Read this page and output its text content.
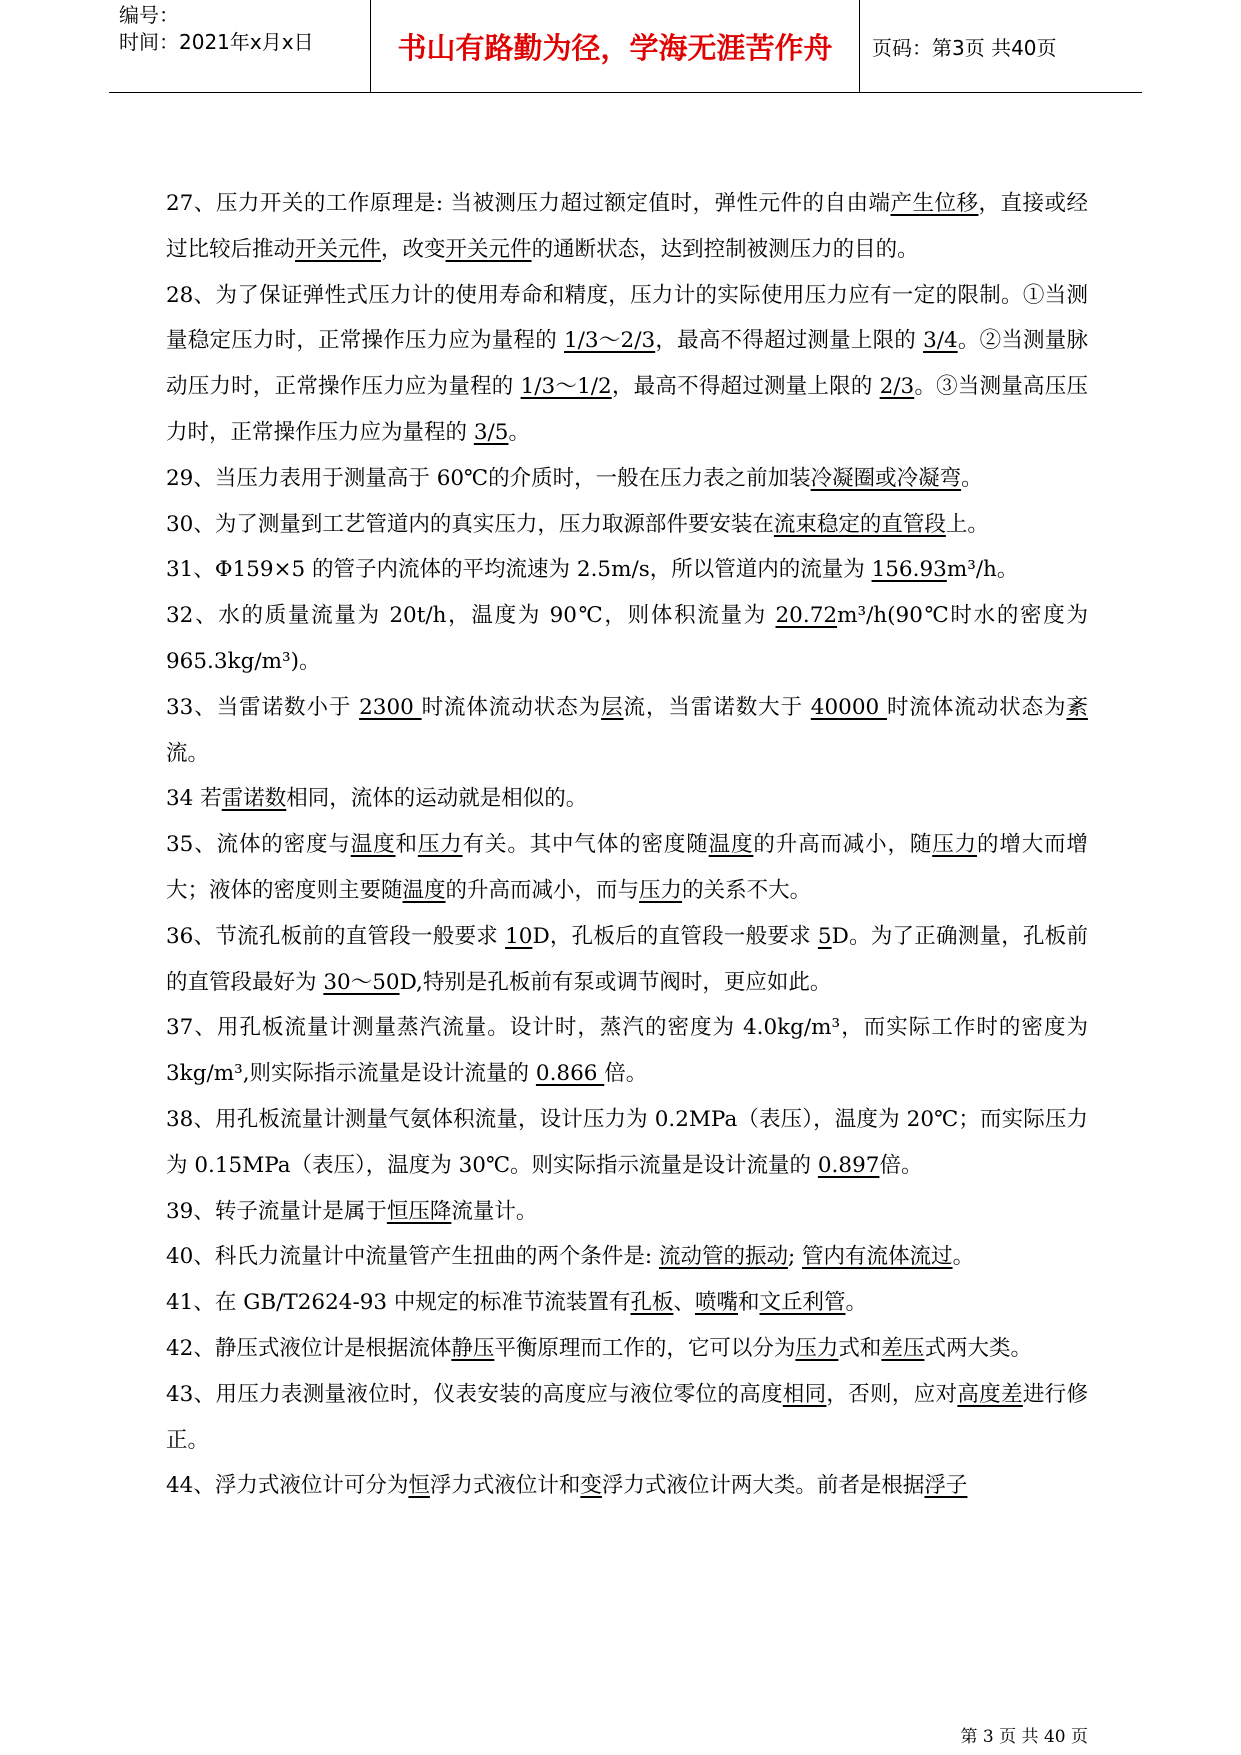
编号：
时间：2021年x月x日	书山有路勤为径，学海无涯苦作舟	页码：第3页 共40页

27、压力开关的工作原理是: 当被测压力超过额定值时，弹性元件的自由端产生位移，直接或经过比较后推动开关元件，改变开关元件的通断状态，达到控制被测压力的目的。

28、为了保证弹性式压力计的使用寿命和精度，压力计的实际使用压力应有一定的限制。①当测量稳定压力时，正常操作压力应为量程的 1/3～2/3，最高不得超过测量上限的 3/4。②当测量脉动压力时，正常操作压力应为量程的 1/3～1/2，最高不得超过测量上限的 2/3。③当测量高压压力时，正常操作压力应为量程的 3/5。

29、当压力表用于测量高于 60℃的介质时，一般在压力表之前加装冷凝圈或冷凝弯。

30、为了测量到工艺管道内的真实压力，压力取源部件要安装在流束稳定的直管段上。

31、Φ159×5 的管子内流体的平均流速为 2.5m/s，所以管道内的流量为 156.93m³/h。

32、水的质量流量为 20t/h，温度为 90℃，则体积流量为 20.72m³/h(90℃时水的密度为 965.3kg/m³)。

33、当雷诺数小于 2300 时流体流动状态为层流，当雷诺数大于 40000 时流体流动状态为紊流。

34 若雷诺数相同，流体的运动就是相似的。

35、流体的密度与温度和压力有关。其中气体的密度随温度的升高而减小，随压力的增大而增大；液体的密度则主要随温度的升高而减小，而与压力的关系不大。

36、节流孔板前的直管段一般要求 10D，孔板后的直管段一般要求 5D。为了正确测量，孔板前的直管段最好为 30～50D,特别是孔板前有泵或调节阀时，更应如此。

37、用孔板流量计测量蒸汽流量。设计时，蒸汽的密度为 4.0kg/m³，而实际工作时的密度为 3kg/m³,则实际指示流量是设计流量的 0.866 倍。

38、用孔板流量计测量气氨体积流量，设计压力为 0.2MPa（表压），温度为 20℃；而实际压力为 0.15MPa（表压），温度为 30℃。则实际指示流量是设计流量的 0.897倍。

39、转子流量计是属于恒压降流量计。

40、科氏力流量计中流量管产生扭曲的两个条件是: 流动管的振动; 管内有流体流过。

41、在 GB/T2624-93 中规定的标准节流装置有孔板、喷嘴和文丘利管。

42、静压式液位计是根据流体静压平衡原理而工作的，它可以分为压力式和差压式两大类。

43、用压力表测量液位时，仪表安装的高度应与液位零位的高度相同，否则，应对高度差进行修正。

44、浮力式液位计可分为恒浮力式液位计和变浮力式液位计两大类。前者是根据浮子

第 3 页 共 40 页
